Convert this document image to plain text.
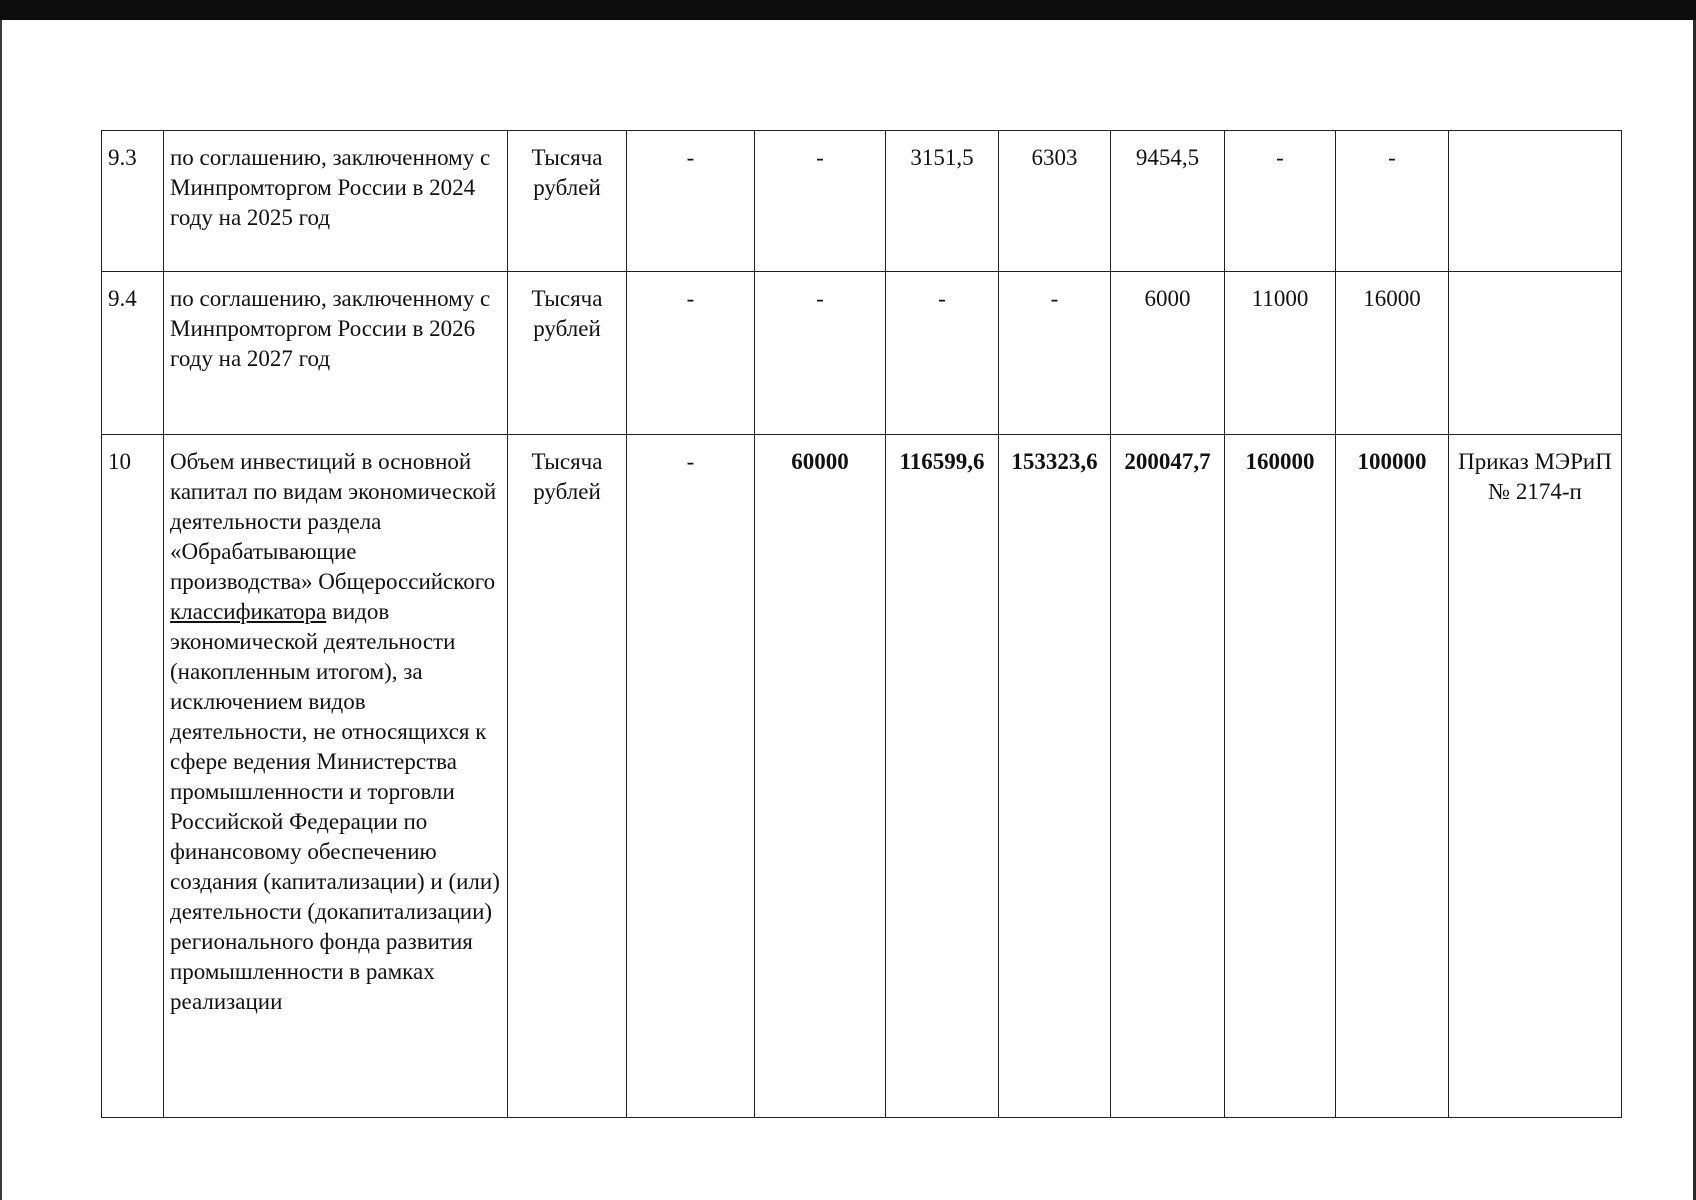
9.3	по соглашению, заключенному с Минпромторгом России в 2024 году на 2025 год	Тысяча рублей	-	-	3151,5	6303	9454,5	-	-	
9.4	по соглашению, заключенному с Минпромторгом России в 2026 году на 2027 год	Тысяча рублей	-	-	-	-	6000	11000	16000	
10	Объем инвестиций в основной капитал по видам экономической деятельности раздела «Обрабатывающие производства» Общероссийского классификатора видов экономической деятельности (накопленным итогом), за исключением видов деятельности, не относящихся к сфере ведения Министерства промышленности и торговли Российской Федерации по финансовому обеспечению создания (капитализации) и (или) деятельности (докапитализации) регионального фонда развития промышленности в рамках реализации	Тысяча рублей	-	60000	116599,6	153323,6	200047,7	160000	100000	Приказ МЭРиП № 2174-п
